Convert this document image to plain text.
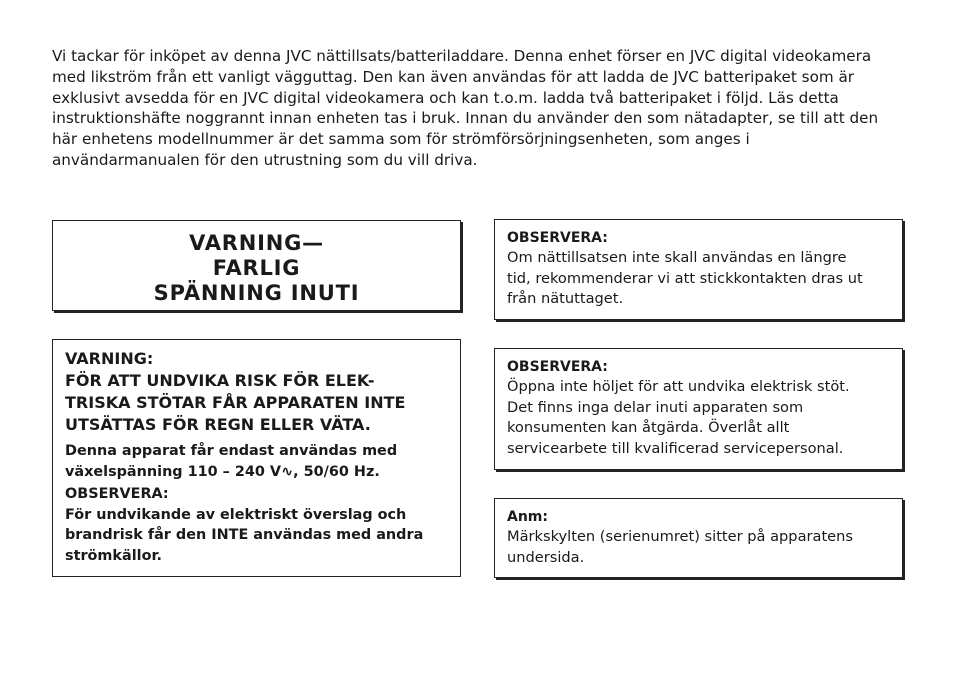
Vi tackar för inköpet av denna JVC nättillsats/batteriladdare. Denna enhet förser en JVC digital videokamera
med likström från ett vanligt vägguttag. Den kan även användas för att ladda de JVC batteripaket som är
exklusivt avsedda för en JVC digital videokamera och kan t.o.m. ladda två batteripaket i följd. Läs detta
instruktionshäfte noggrannt innan enheten tas i bruk. Innan du använder den som nätadapter, se till att den
här enhetens modellnummer är det samma som för strömförsörjningsenheten, som anges i
användarmanualen för den utrustning som du vill driva.

VARNING—
FARLIG
SPÄNNING INUTI
VARNING:
FÖR ATT UNDVIKA RISK FÖR ELEK-
TRISKA STÖTAR FÅR APPARATEN INTE
UTSÄTTAS FÖR REGN ELLER VÄTA.
Denna apparat får endast användas med
växelspänning 110 – 240 V∿, 50/60 Hz.
OBSERVERA:
För undvikande av elektriskt överslag och
brandrisk får den INTE användas med andra
strömkällor.
OBSERVERA:
Om nättillsatsen inte skall användas en längre
tid, rekommenderar vi att stickkontakten dras ut
från nätuttaget.
OBSERVERA:
Öppna inte höljet för att undvika elektrisk stöt.
Det finns inga delar inuti apparaten som
konsumenten kan åtgärda. Överlåt allt
servicearbete till kvalificerad servicepersonal.
Anm:
Märkskylten (serienumret) sitter på apparatens
undersida.
